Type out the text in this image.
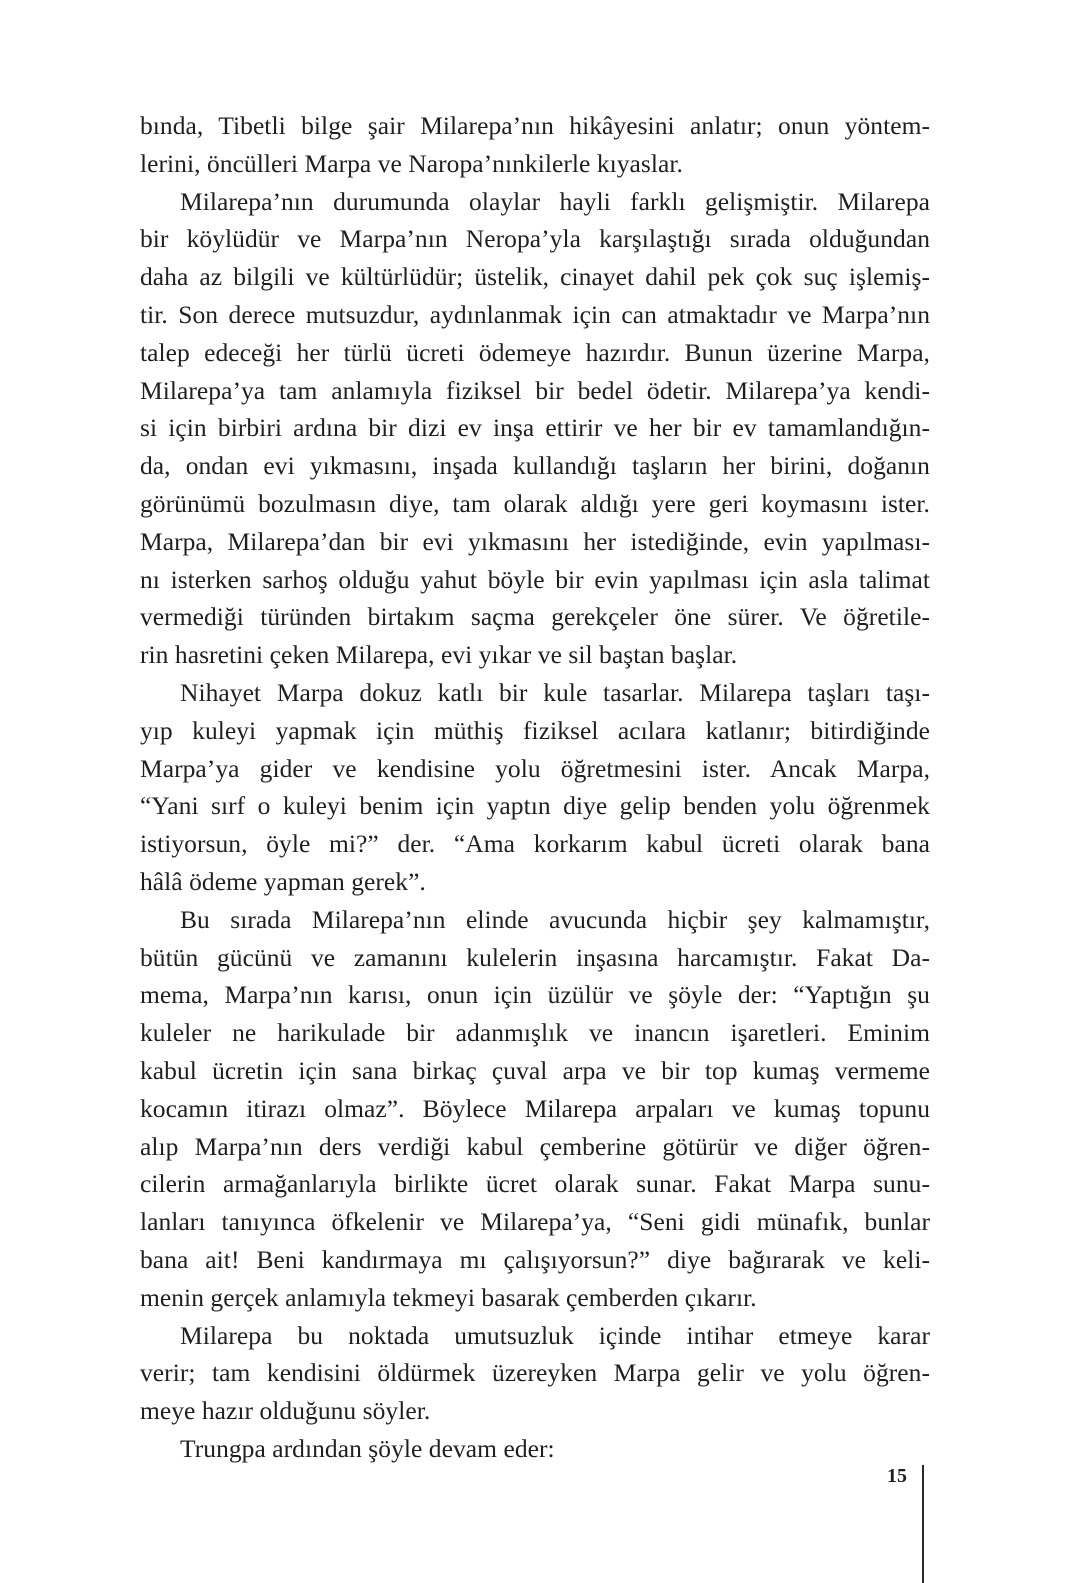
bında, Tibetli bilge şair Milarepa’nın hikâyesini anlatır; onun yöntem-
lerini, öncülleri Marpa ve Naropa’nınkilerle kıyaslar.
Milarepa’nın durumunda olaylar hayli farklı gelişmiştir. Milarepa
bir köylüdür ve Marpa’nın Neropa’yla karşılaştığı sırada olduğundan
daha az bilgili ve kültürlüdür; üstelik, cinayet dahil pek çok suç işlemiş-
tir. Son derece mutsuzdur, aydınlanmak için can atmaktadır ve Marpa’nın
talep edeceği her türlü ücreti ödemeye hazırdır. Bunun üzerine Marpa,
Milarepa’ya tam anlamıyla fiziksel bir bedel ödetir. Milarepa’ya kendi-
si için birbiri ardına bir dizi ev inşa ettirir ve her bir ev tamamlandığın-
da, ondan evi yıkmasını, inşada kullandığı taşların her birini, doğanın
görünümü bozulmasın diye, tam olarak aldığı yere geri koymasını ister.
Marpa, Milarepa’dan bir evi yıkmasını her istediğinde, evin yapılması-
nı isterken sarhoş olduğu yahut böyle bir evin yapılması için asla talimat
vermediği türünden birtakım saçma gerekçeler öne sürer. Ve öğretile-
rin hasretini çeken Milarepa, evi yıkar ve sil baştan başlar.
Nihayet Marpa dokuz katlı bir kule tasarlar. Milarepa taşları taşı-
yıp kuleyi yapmak için müthiş fiziksel acılara katlanır; bitirdiğinde
Marpa’ya gider ve kendisine yolu öğretmesini ister. Ancak Marpa,
“Yani sırf o kuleyi benim için yaptın diye gelip benden yolu öğrenmek
istiyorsun, öyle mi?” der. “Ama korkarım kabul ücreti olarak bana
hâlâ ödeme yapman gerek”.
Bu sırada Milarepa’nın elinde avucunda hiçbir şey kalmamıştır,
bütün gücünü ve zamanını kulelerin inşasına harcamıştır. Fakat Da-
mema, Marpa’nın karısı, onun için üzülür ve şöyle der: “Yaptığın şu
kuleler ne harikulade bir adanmışlık ve inancın işaretleri. Eminim
kabul ücretin için sana birkaç çuval arpa ve bir top kumaş vermeme
kocamın itirazı olmaz”. Böylece Milarepa arpaları ve kumaş topunu
alıp Marpa’nın ders verdiği kabul çemberine götürür ve diğer öğren-
cilerin armağanlarıyla birlikte ücret olarak sunar. Fakat Marpa sunu-
lanları tanıyınca öfkelenir ve Milarepa’ya, “Seni gidi münafık, bunlar
bana ait! Beni kandırmaya mı çalışıyorsun?” diye bağırarak ve keli-
menin gerçek anlamıyla tekmeyi basarak çemberden çıkarır.
Milarepa bu noktada umutsuzluk içinde intihar etmeye karar
verir; tam kendisini öldürmek üzereyken Marpa gelir ve yolu öğren-
meye hazır olduğunu söyler.
Trungpa ardından şöyle devam eder:
15
